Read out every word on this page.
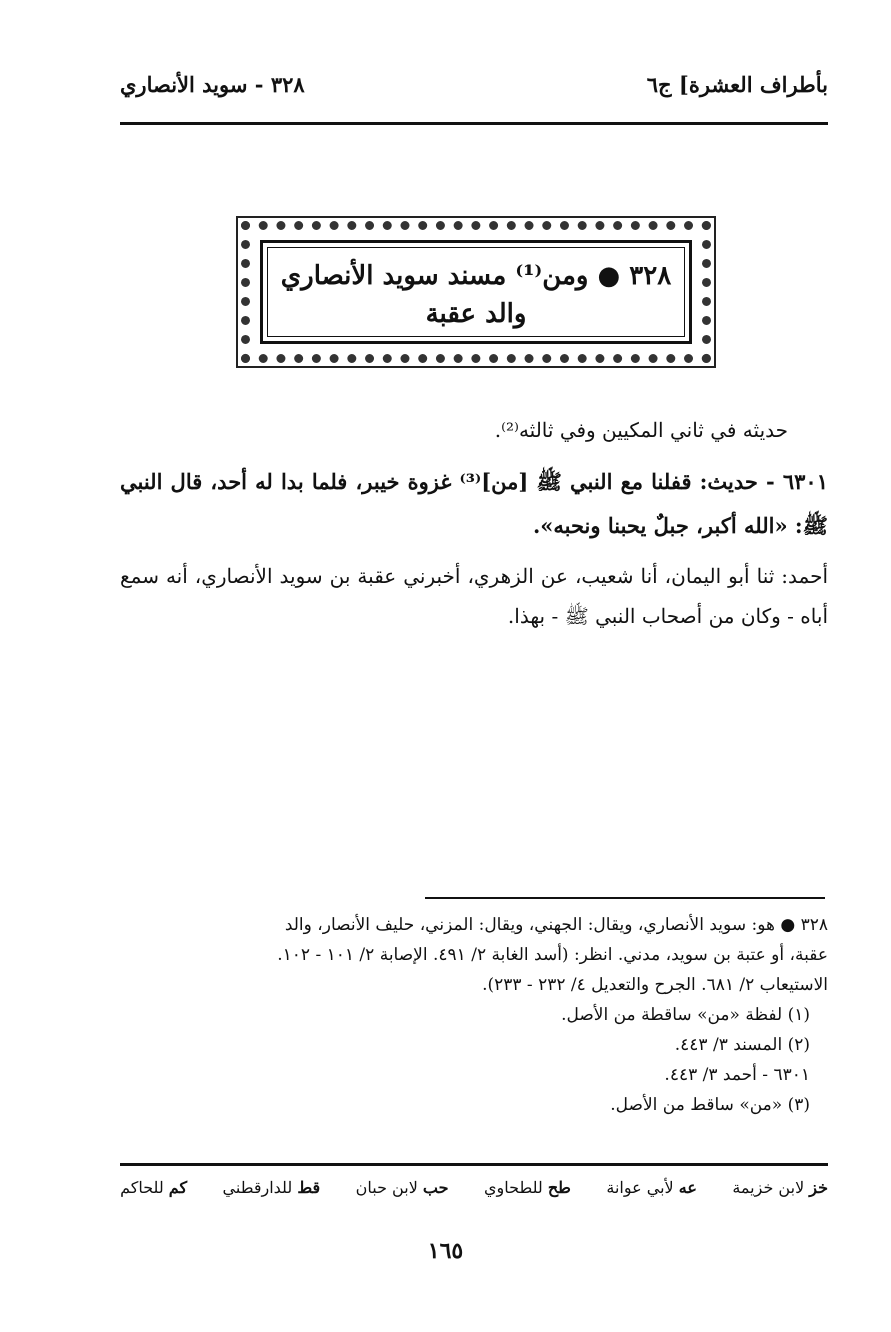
بأطراف العشرة] ج٦
٣٢٨ - سويد الأنصاري
٣٢٨ ● ومن⁽¹⁾ مسند سويد الأنصاري
والد عقبة
حديثه في ثاني المكيين وفي ثالثه⁽²⁾.
٦٣٠١ - حديث: قفلنا مع النبي ﷺ [من]⁽³⁾ غزوة خيبر، فلما بدا له أحد، قال النبي ﷺ: «الله أكبر، جبلٌ يحبنا ونحبه».
أحمد: ثنا أبو اليمان، أنا شعيب، عن الزهري، أخبرني عقبة بن سويد الأنصاري، أنه سمع أباه - وكان من أصحاب النبي ﷺ - بهذا.
٣٢٨ ● هو: سويد الأنصاري، ويقال: الجهني، ويقال: المزني، حليف الأنصار، والد
عقبة، أو عتبة بن سويد، مدني. انظر: (أسد الغابة ٢/ ٤٩١. الإصابة ٢/ ١٠١ - ١٠٢.
الاستيعاب ٢/ ٦٨١. الجرح والتعديل ٤/ ٢٣٢ - ٢٣٣).
(١) لفظة «من» ساقطة من الأصل.
(٢) المسند ٣/ ٤٤٣.
٦٣٠١ - أحمد ٣/ ٤٤٣.
(٣) «من» ساقط من الأصل.
خز لابن خزيمة
عه لأبي عوانة
طح للطحاوي
حب لابن حبان
قط للدارقطني
كم للحاكم
١٦٥
